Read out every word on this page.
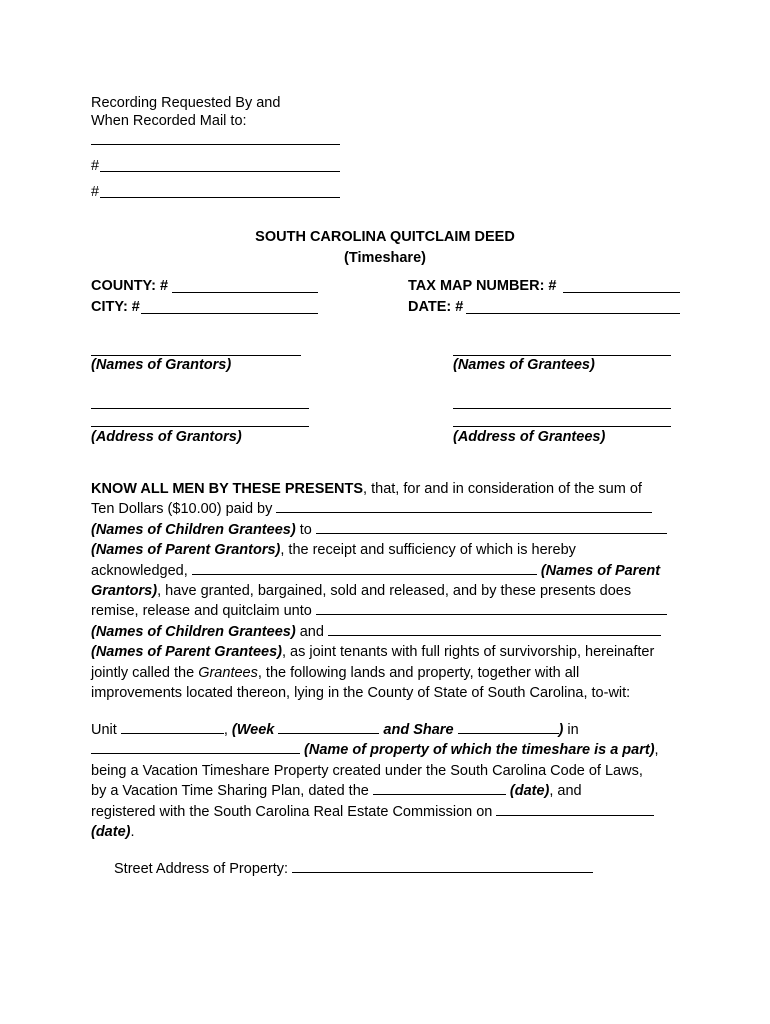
Recording Requested By and
When Recorded Mail to:
#
#
SOUTH CAROLINA QUITCLAIM DEED
(Timeshare)
COUNTY: #
CITY: #
TAX MAP NUMBER: #
DATE: #
(Names of Grantors)	(Names of Grantees)
(Address of Grantors)	(Address of Grantees)
KNOW ALL MEN BY THESE PRESENTS, that, for and in consideration of the sum of
Ten Dollars ($10.00) paid by
(Names of Children Grantees) to
(Names of Parent Grantors), the receipt and sufficiency of which is hereby
acknowledged,	(Names of Parent
Grantors), have granted, bargained, sold and released, and by these presents does
remise, release and quitclaim unto
(Names of Children Grantees) and
(Names of Parent Grantees), as joint tenants with full rights of survivorship, hereinafter
jointly called the Grantees, the following lands and property, together with all
improvements located thereon, lying in the County of State of South Carolina, to-wit:
Unit	, (Week	and Share	) in
(Name of property of which the timeshare is a part),
being a Vacation Timeshare Property created under the South Carolina Code of Laws,
by a Vacation Time Sharing Plan, dated the	(date), and
registered with the South Carolina Real Estate Commission on
(date).
Street Address of Property:
